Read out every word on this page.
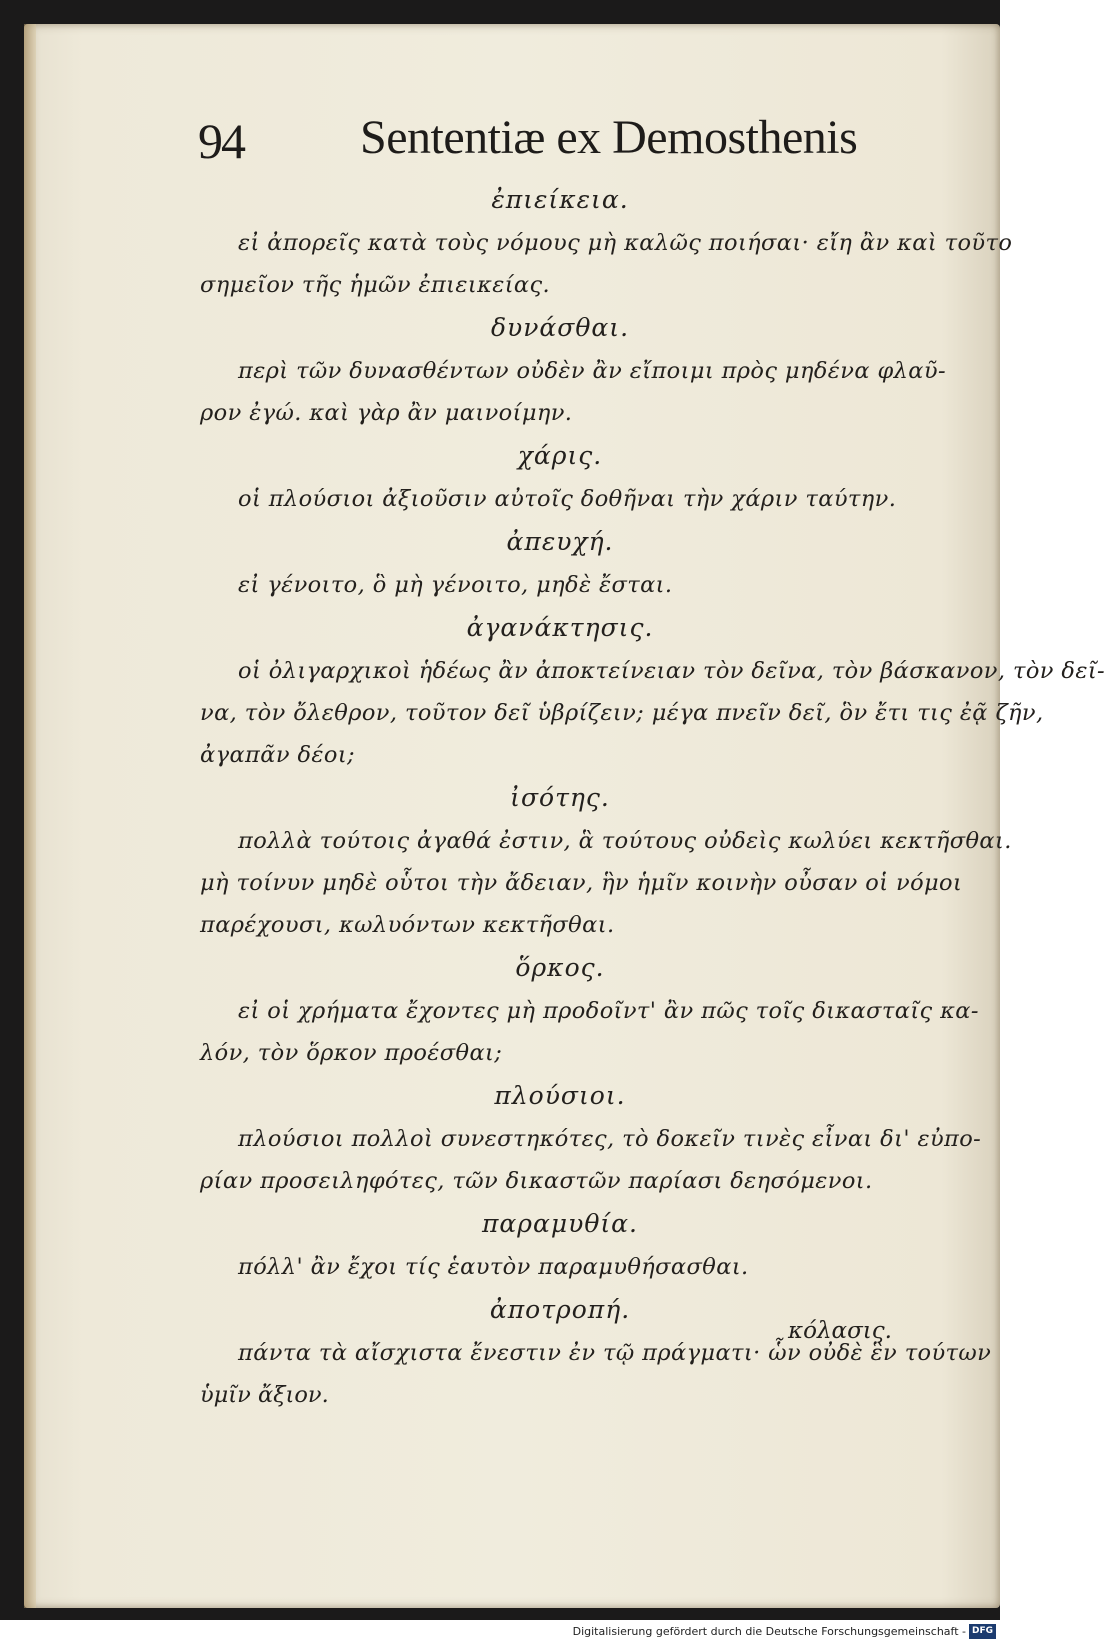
94 Sententiæ ex Demosthenis
ἐπιείκεια.
εἰ ἀπορεῖς κατὰ τοὺς νόμους μὴ καλῶς ποιήσαι· εἴη ἂν καὶ τοῦτο
σημεῖον τῆς ἡμῶν ἐπιεικείας.
δυνάσθαι.
περὶ τῶν δυνασθέντων οὐδὲν ἂν εἴποιμι πρὸς μηδένα φλαῦ-
ρον ἐγώ. καὶ γὰρ ἂν μαινοίμην.
χάρις.
οἱ πλούσιοι ἀξιοῦσιν αὐτοῖς δοθῆναι τὴν χάριν ταύτην.
ἀπευχή.
εἰ γένοιτο, ὃ μὴ γένοιτο, μηδὲ ἔσται.
ἀγανάκτησις.
οἱ ὀλιγαρχικοὶ ἡδέως ἂν ἀποκτείνειαν τὸν δεῖνα, τὸν βάσκανον, τὸν δεῖ-
να, τὸν ὄλεθρον, τοῦτον δεῖ ὑβρίζειν; μέγα πνεῖν δεῖ, ὃν ἔτι τις ἐᾷ ζῆν,
ἀγαπᾶν δέοι;
ἰσότης.
πολλὰ τούτοις ἀγαθά ἐστιν, ἃ τούτους οὐδεὶς κωλύει κεκτῆσθαι.
μὴ τοίνυν μηδὲ οὗτοι τὴν ἄδειαν, ἣν ἡμῖν κοινὴν οὖσαν οἱ νόμοι
παρέχουσι, κωλυόντων κεκτῆσθαι.
ὅρκος.
εἰ οἱ χρήματα ἔχοντες μὴ προδοῖντ' ἂν πῶς τοῖς δικασταῖς κα-
λόν, τὸν ὅρκον προέσθαι;
πλούσιοι.
πλούσιοι πολλοὶ συνεστηκότες, τὸ δοκεῖν τινὲς εἶναι δι' εὐπο-
ρίαν προσειληφότες, τῶν δικαστῶν παρίασι δεησόμενοι.
παραμυθία.
πόλλ' ἂν ἔχοι τίς ἑαυτὸν παραμυθήσασθαι.
ἀποτροπή.
πάντα τὰ αἴσχιστα ἔνεστιν ἐν τῷ πράγματι· ὧν οὐδὲ ἓν τούτων
ὑμῖν ἄξιον.
κόλασις.
Digitalisierung gefördert durch die Deutsche Forschungsgemeinschaft - DFG
